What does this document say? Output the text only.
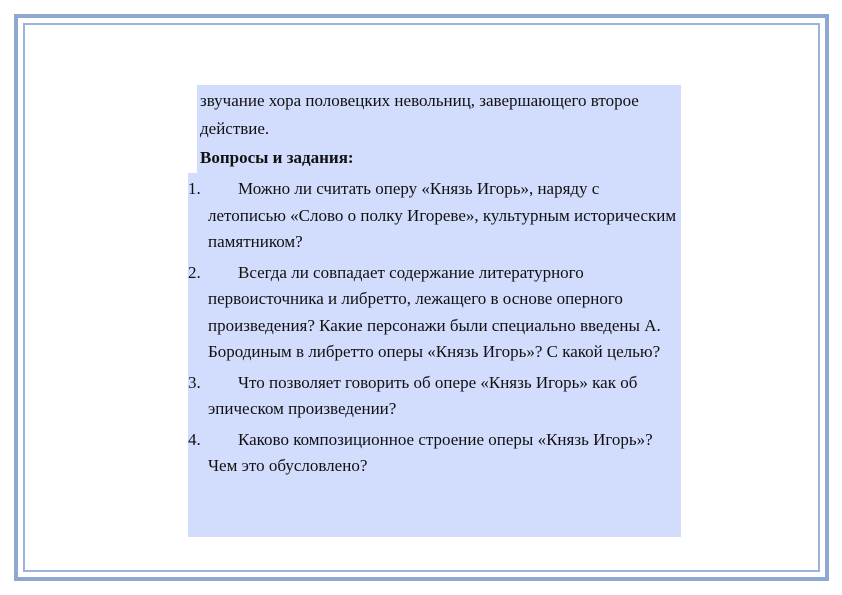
звучание хора половецких невольниц, завершающего второе действие.
Вопросы и задания:
1.	Можно ли считать оперу «Князь Игорь», наряду с летописью «Слово о полку Игореве», культурным историческим памятником?
2.	Всегда ли совпадает содержание литературного первоисточника и либретто, лежащего в основе оперного произведения? Какие персонажи были специально введены А. Бородиным в либретто оперы «Князь Игорь»? С какой целью?
3.	Что позволяет говорить об опере «Князь Игорь» как об эпическом произведении?
4.	Каково композиционное строение оперы «Князь Игорь»? Чем это обусловлено?
